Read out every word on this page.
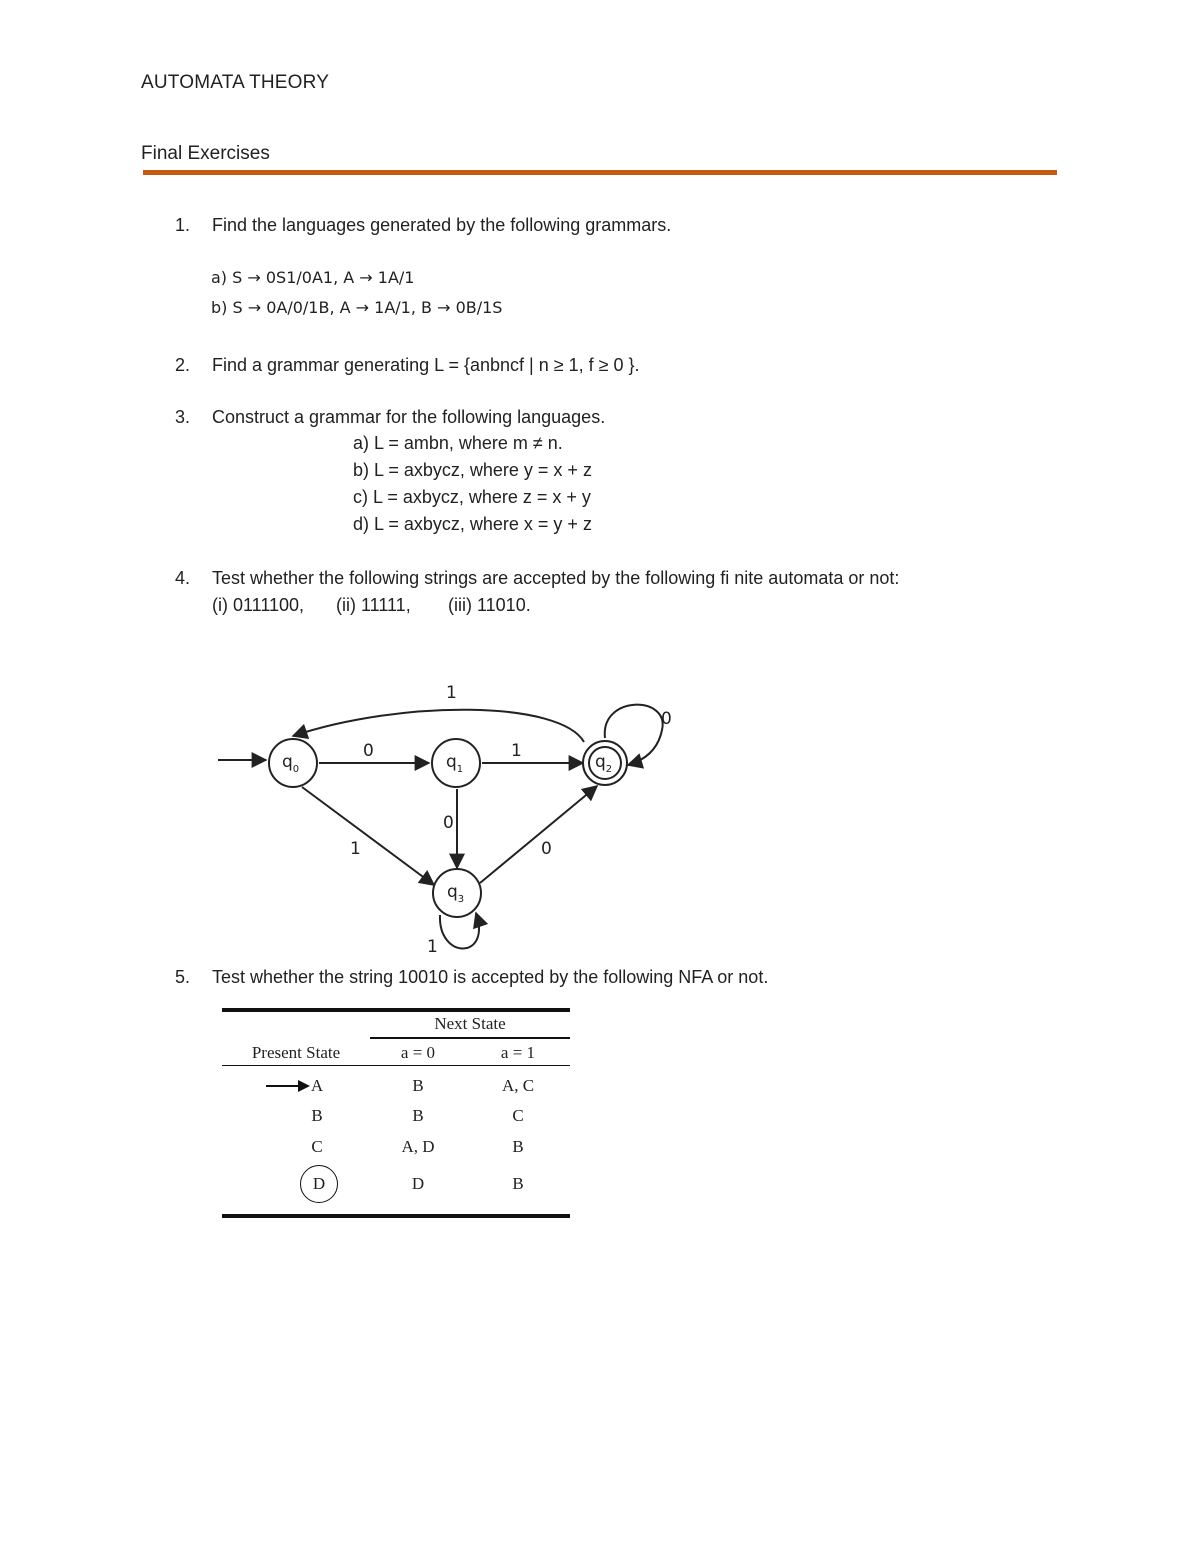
AUTOMATA THEORY
Final Exercises
1.	Find the languages generated by the following grammars.
a) S → 0S1/0A1, A → 1A/1
b) S → 0A/0/1B, A → 1A/1, B → 0B/1S
2.	Find a grammar generating L = {anbncf | n ≥ 1, f ≥ 0 }.
3.	Construct a grammar for the following languages.
a) L = ambn, where m ≠ n.
b) L = axbycz, where y = x + z
c) L = axbycz, where z = x + y
d) L = axbycz, where x = y + z
4.	Test whether the following strings are accepted by the following fi nite automata or not:
(i) 0111100, (ii) 11111, (iii) 11010.
$q_0$	$q_1$	$q_2$
$q_3$
0	1
1
0
1
0
0
1
5.	Test whether the string 10010 is accepted by the following NFA or not.
Next State
Present State	a = 0	a = 1
A	B	A, C
B	B	C
C	A, D	B
D	D	B
